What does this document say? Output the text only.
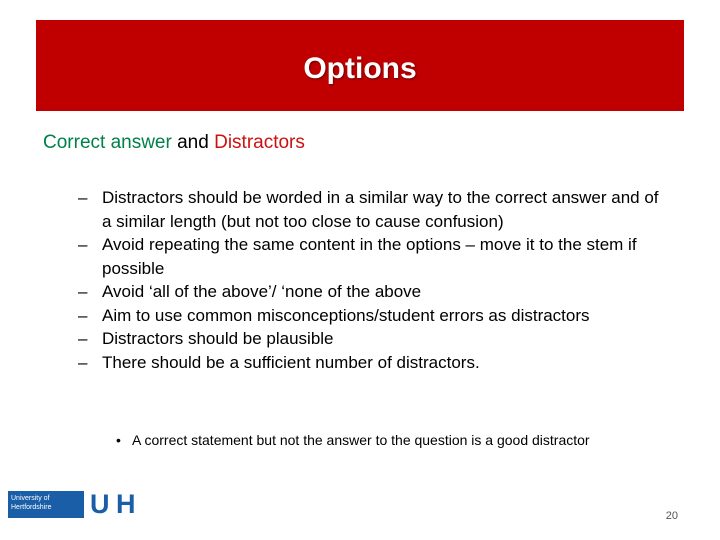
Options
Correct answer and Distractors
– Distractors should be worded in a similar way to the correct answer and of a similar length (but not too close to cause confusion)
– Avoid repeating the same content in the options – move it to the stem if possible
– Avoid ‘all of the above’/ ‘none of the above
– Aim to use common misconceptions/student errors as distractors
– Distractors should be plausible
– There should be a sufficient number of distractors.
• A correct statement but not the answer to the question is a good distractor
University of
Hertfordshire	U H	20
